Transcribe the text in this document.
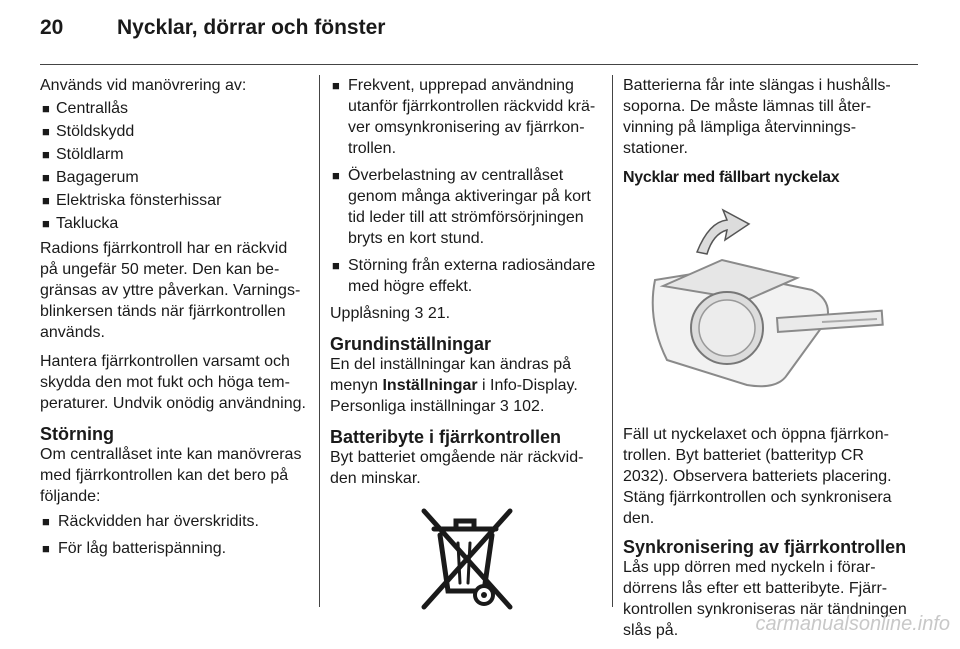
20	Nycklar, dörrar och fönster

Används vid manövrering av:

■ Centrallås
■ Stöldskydd
■ Stöldlarm
■ Bagagerum
■ Elektriska fönsterhissar
■ Taklucka

Radions fjärrkontroll har en räckvid på ungefär 50 meter. Den kan begränsas av yttre påverkan. Varningsblinkersen tänds när fjärrkontrollen används.

Hantera fjärrkontrollen varsamt och skydda den mot fukt och höga temperaturer. Undvik onödig användning.

Störning

Om centrallåset inte kan manövreras med fjärrkontrollen kan det bero på följande:

■ Räckvidden har överskridits.
■ För låg batterispänning.
■ Frekvent, upprepad användning utanför fjärrkontrollen räckvidd kräver omsynkronisering av fjärrkontrollen.
■ Överbelastning av centrallåset genom många aktiveringar på kort tid leder till att strömförsörjningen bryts en kort stund.
■ Störning från externa radiosändare med högre effekt.

Upplåsning 3 21.

Grundinställningar

En del inställningar kan ändras på menyn Inställningar i Info-Display.
Personliga inställningar 3 102.

Batteribyte i fjärrkontrollen

Byt batteriet omgående när räckvidden minskar.

Batterierna får inte slängas i hushållssoporna. De måste lämnas till återvinning på lämpliga återvinningsstationer.

Nycklar med fällbart nyckelax

Fäll ut nyckelaxet och öppna fjärrkontrollen. Byt batteriet (batterityp CR 2032). Observera batteriets placering. Stäng fjärrkontrollen och synkronisera den.

Synkronisering av fjärrkontrollen

Lås upp dörren med nyckeln i förardörrens lås efter ett batteribyte. Fjärrkontrollen synkroniseras när tändningen slås på.	carmanualsonline.info
